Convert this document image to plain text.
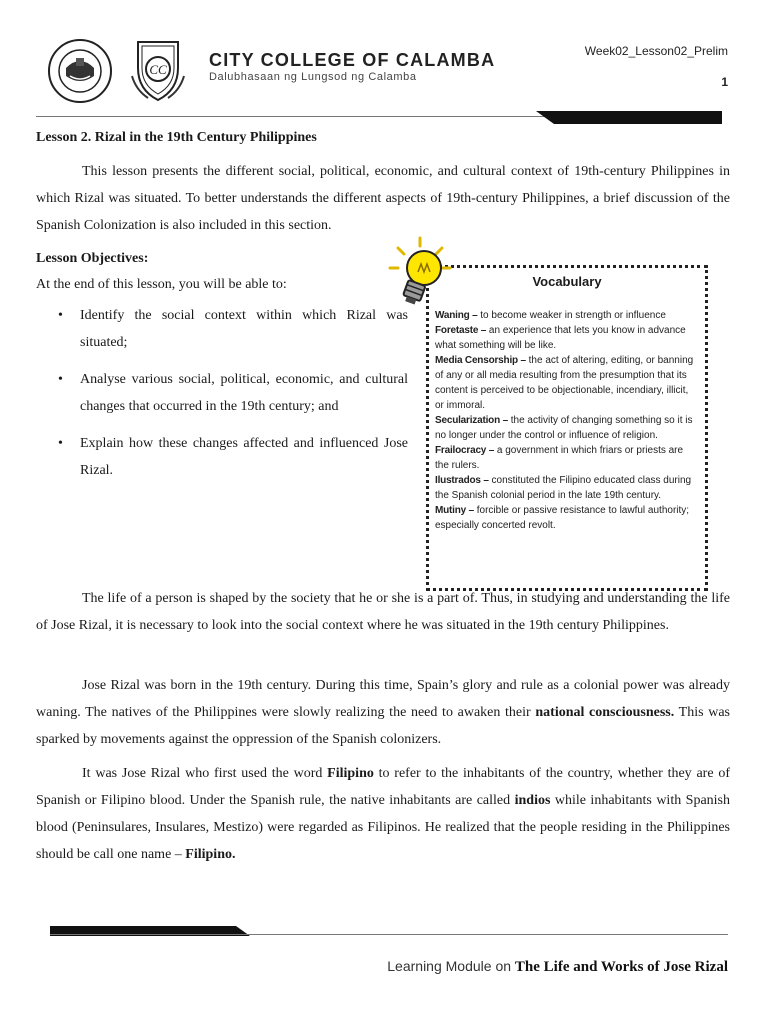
CC CITY COLLEGE OF CALAMBA
Dalubhasaan ng Lungsod ng Calamba
Week02_Lesson02_Prelim
1
Lesson 2. Rizal in the 19th Century Philippines

This lesson presents the different social, political, economic, and cultural context of 19th-century Philippines in which Rizal was situated. To better understands the different aspects of 19th-century Philippines, a brief discussion of the Spanish Colonization is also included in this section.

Lesson Objectives:
At the end of this lesson, you will be able to:
• Identify the social context within which Rizal was situated;
• Analyse various social, political, economic, and cultural changes that occurred in the 19th century; and
• Explain how these changes affected and influenced Jose Rizal.
Vocabulary

Waning – to become weaker in strength or influence

Foretaste – an experience that lets you know in advance what something will be like.

Media Censorship – the act of altering, editing, or banning of any or all media resulting from the presumption that its content is perceived to be objectionable, incendiary, illicit, or immoral.

Secularization – the activity of changing something so it is no longer under the control or influence of religion.

Frailocracy – a government in which friars or priests are the rulers.

Ilustrados – constituted the Filipino educated class during the Spanish colonial period in the late 19th century.

Mutiny – forcible or passive resistance to lawful authority; especially concerted revolt.

The life of a person is shaped by the society that he or she is a part of. Thus, in studying and understanding the life of Jose Rizal, it is necessary to look into the social context where he was situated in the 19th century Philippines.

Jose Rizal was born in the 19th century. During this time, Spain’s glory and rule as a colonial power was already waning. The natives of the Philippines were slowly realizing the need to awaken their national consciousness. This was sparked by movements against the oppression of the Spanish colonizers.

It was Jose Rizal who first used the word Filipino to refer to the inhabitants of the country, whether they are of Spanish or Filipino blood. Under the Spanish rule, the native inhabitants are called indios while inhabitants with Spanish blood (Peninsulares, Insulares, Mestizo) were regarded as Filipinos. He realized that the people residing in the Philippines should be call one name – Filipino.

Learning Module on The Life and Works of Jose Rizal
